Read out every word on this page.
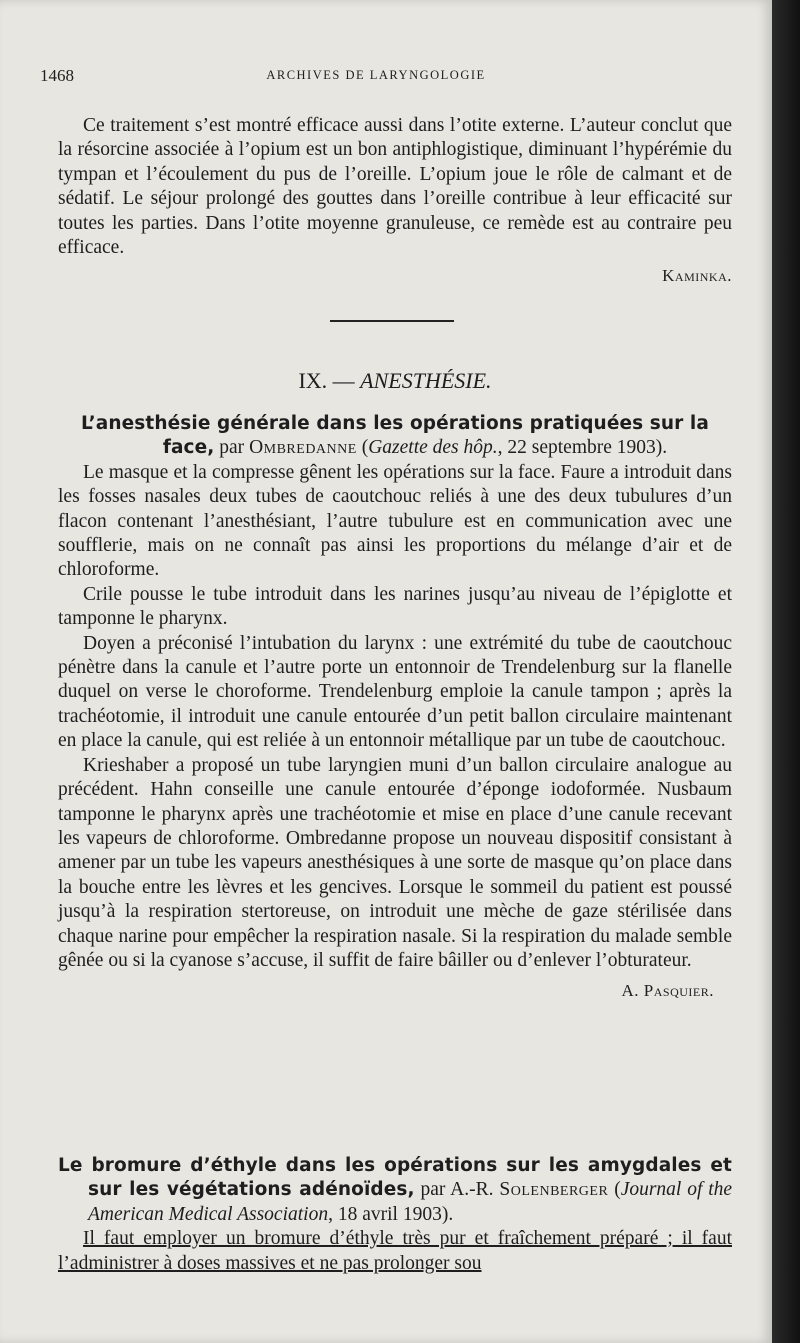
1468	ARCHIVES DE LARYNGOLOGIE

Ce traitement s’est montré efficace aussi dans l’otite externe. L’auteur conclut que la résorcine associée à l’opium est un bon antiphlogistique, diminuant l’hypérémie du tympan et l’écoulement du pus de l’oreille. L’opium joue le rôle de calmant et de sédatif. Le séjour prolongé des gouttes dans l’oreille contribue à leur efficacité sur toutes les parties. Dans l’otite moyenne granuleuse, ce remède est au contraire peu efficace.

Kaminka.
IX. — ANESTHÉSIE.

L’anesthésie générale dans les opérations pratiquées sur la face, par Ombredanne (Gazette des hôp., 22 septembre 1903).

Le masque et la compresse gênent les opérations sur la face. Faure a introduit dans les fosses nasales deux tubes de caoutchouc reliés à une des deux tubulures d’un flacon contenant l’anesthésiant, l’autre tubulure est en communication avec une soufflerie, mais on ne connaît pas ainsi les proportions du mélange d’air et de chloroforme.

Crile pousse le tube introduit dans les narines jusqu’au niveau de l’épiglotte et tamponne le pharynx.

Doyen a préconisé l’intubation du larynx : une extrémité du tube de caoutchouc pénètre dans la canule et l’autre porte un entonnoir de Trendelenburg sur la flanelle duquel on verse le choroforme. Trendelenburg emploie la canule tampon ; après la trachéotomie, il introduit une canule entourée d’un petit ballon circulaire maintenant en place la canule, qui est reliée à un entonnoir métallique par un tube de caoutchouc.

Krieshaber a proposé un tube laryngien muni d’un ballon circulaire analogue au précédent. Hahn conseille une canule entourée d’éponge iodoformée. Nusbaum tamponne le pharynx après une trachéotomie et mise en place d’une canule recevant les vapeurs de chloroforme. Ombredanne propose un nouveau dispositif consistant à amener par un tube les vapeurs anesthésiques à une sorte de masque qu’on place dans la bouche entre les lèvres et les gencives. Lorsque le sommeil du patient est poussé jusqu’à la respiration stertoreuse, on introduit une mèche de gaze stérilisée dans chaque narine pour empêcher la respiration nasale. Si la respiration du malade semble gênée ou si la cyanose s’accuse, il suffit de faire bâiller ou d’enlever l’obturateur.

A. Pasquier.

Le bromure d’éthyle dans les opérations sur les amygdales et sur les végétations adénoïdes, par A.-R. Solenberger (Journal of the American Medical Association, 18 avril 1903).

Il faut employer un bromure d’éthyle très pur et fraîchement préparé ; il faut l’administrer à doses massives et ne pas prolonger sou
